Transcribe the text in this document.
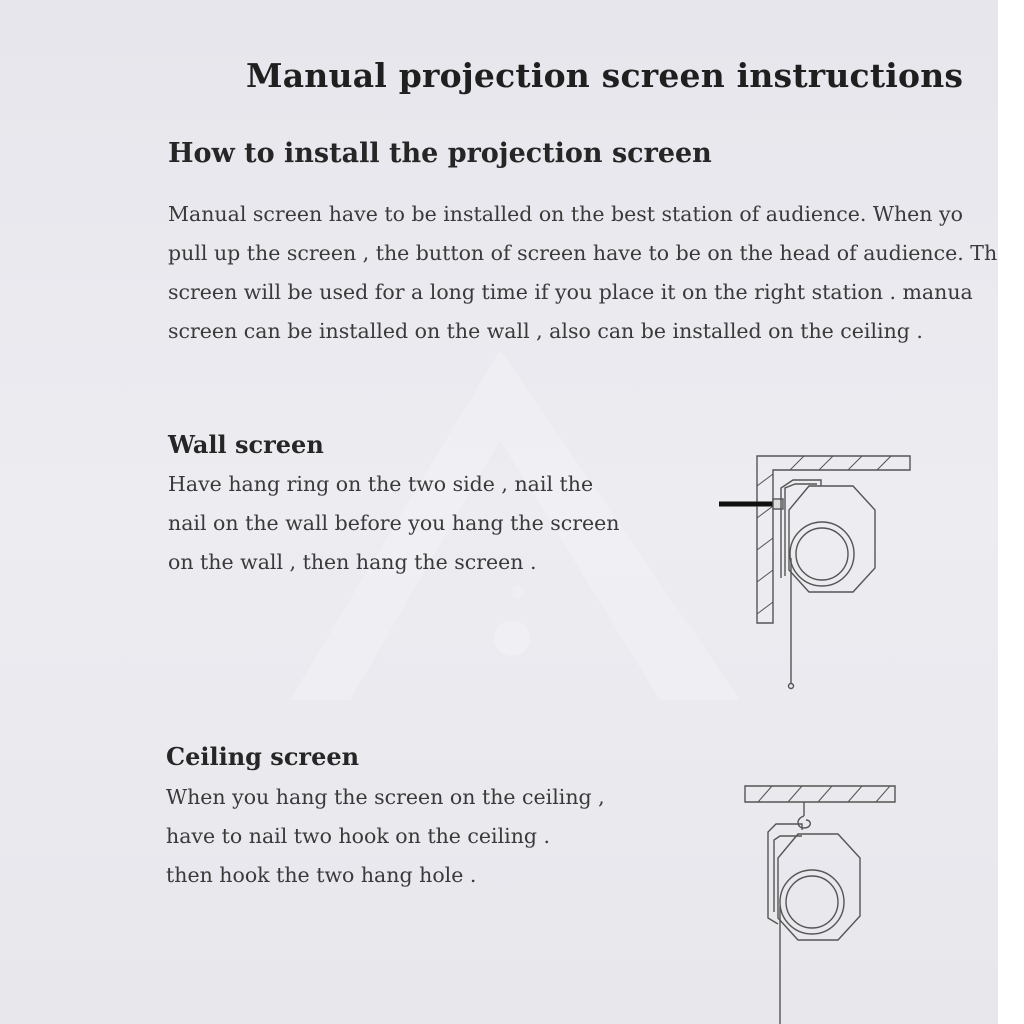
Manual projection screen instructions
How to install the projection screen

Manual screen have to be installed on the best station of audience. When yo
pull up the screen , the button of screen have to be on the head of audience. Th
screen will be used for a long time if you place it on the right station . manua
screen can be installed on the wall , also can be installed on the ceiling .

Wall screen

Have hang ring on the two side , nail the
nail on the wall before you hang the screen
on the wall , then hang the screen .

Ceiling screen

When you hang the screen on the ceiling ,
have to nail two hook on the ceiling .
then hook the two hang hole .
